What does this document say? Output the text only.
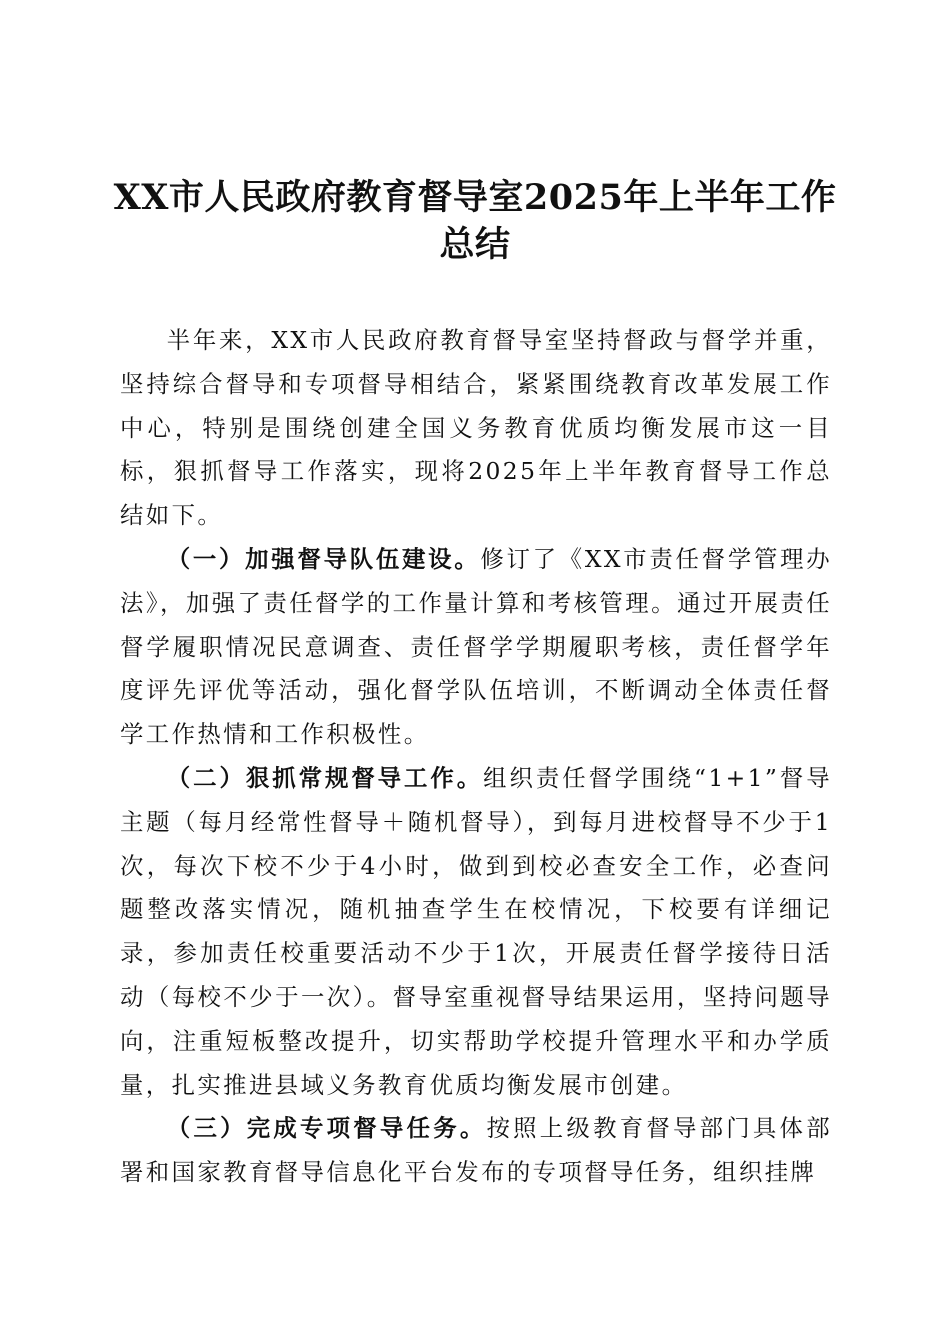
XX市人民政府教育督导室2025年上半年工作
总结

半年来，XX市人民政府教育督导室坚持督政与督学并重，坚持综合督导和专项督导相结合，紧紧围绕教育改革发展工作中心，特别是围绕创建全国义务教育优质均衡发展市这一目标，狠抓督导工作落实，现将2025年上半年教育督导工作总结如下。

（一）加强督导队伍建设。修订了《XX市责任督学管理办法》，加强了责任督学的工作量计算和考核管理。通过开展责任督学履职情况民意调查、责任督学学期履职考核，责任督学年度评先评优等活动，强化督学队伍培训，不断调动全体责任督学工作热情和工作积极性。

（二）狠抓常规督导工作。组织责任督学围绕“1+1”督导主题（每月经常性督导＋随机督导），到每月进校督导不少于1次，每次下校不少于4小时，做到到校必查安全工作，必查问题整改落实情况，随机抽查学生在校情况，下校要有详细记录，参加责任校重要活动不少于1次，开展责任督学接待日活动（每校不少于一次）。督导室重视督导结果运用，坚持问题导向，注重短板整改提升，切实帮助学校提升管理水平和办学质量，扎实推进县域义务教育优质均衡发展市创建。

（三）完成专项督导任务。按照上级教育督导部门具体部署和国家教育督导信息化平台发布的专项督导任务，组织挂牌
